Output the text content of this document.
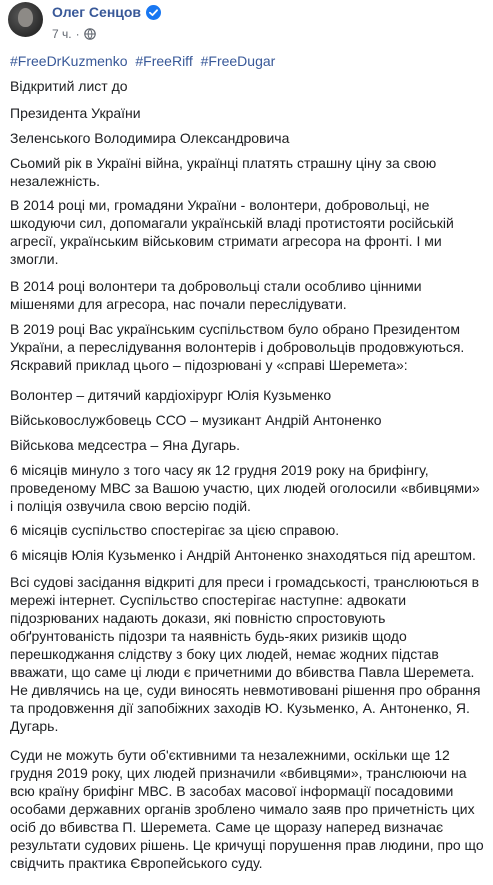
Олег Сенцов
7 ч. ·
#FreeDrKuzmenko #FreeRiff #FreeDugar

Відкритий лист до

Президента України

Зеленського Володимира Олександровича

Сьомий рік в Україні війна, українці платять страшну ціну за свою незалежність.

В 2014 році ми, громадяни України - волонтери, добровольці, не шкодуючи сил, допомагали українській владі протистояти російській агресії, українським військовим стримати агресора на фронті. І ми змогли.

В 2014 році волонтери та добровольці стали особливо цінними мішенями для агресора, нас почали переслідувати.

В 2019 році Вас українським суспільством було обрано Президентом України, а переслідування волонтерів і добровольців продовжуються. Яскравий приклад цього – підозрювані у «справі Шеремета»:

Волонтер – дитячий кардіохірург Юлія Кузьменко

Військовослужбовець ССО – музикант Андрій Антоненко

Військова медсестра – Яна Дугарь.

6 місяців минуло з того часу як 12 грудня 2019 року на брифінгу, проведеному МВС за Вашою участю, цих людей оголосили «вбивцями» і поліція озвучила свою версію подій.

6 місяців суспільство спостерігає за цією справою.

6 місяців Юлія Кузьменко і Андрій Антоненко знаходяться під арештом.

Всі судові засідання відкриті для преси і громадськості, транслюються в мережі інтернет. Суспільство спостерігає наступне: адвокати підозрюваних надають докази, які повністю спростовують обґрунтованість підозри та наявність будь-яких ризиків щодо перешкоджання слідству з боку цих людей, немає жодних підстав вважати, що саме ці люди є причетними до вбивства Павла Шеремета. Не дивлячись на це, суди виносять невмотивовані рішення про обрання та продовження дії запобіжних заходів Ю. Кузьменко, А. Антоненко, Я. Дугарь.

Суди не можуть бути об'єктивними та незалежними, оскільки ще 12 грудня 2019 року, цих людей призначили «вбивцями», транслюючи на всю країну брифінг МВС. В засобах масової інформації посадовими особами державних органів зроблено чимало заяв про причетність цих осіб до вбивства П. Шеремета. Саме це щоразу наперед визначає результати судових рішень. Це кричущі порушення прав людини, про що свідчить практика Європейського суду.
